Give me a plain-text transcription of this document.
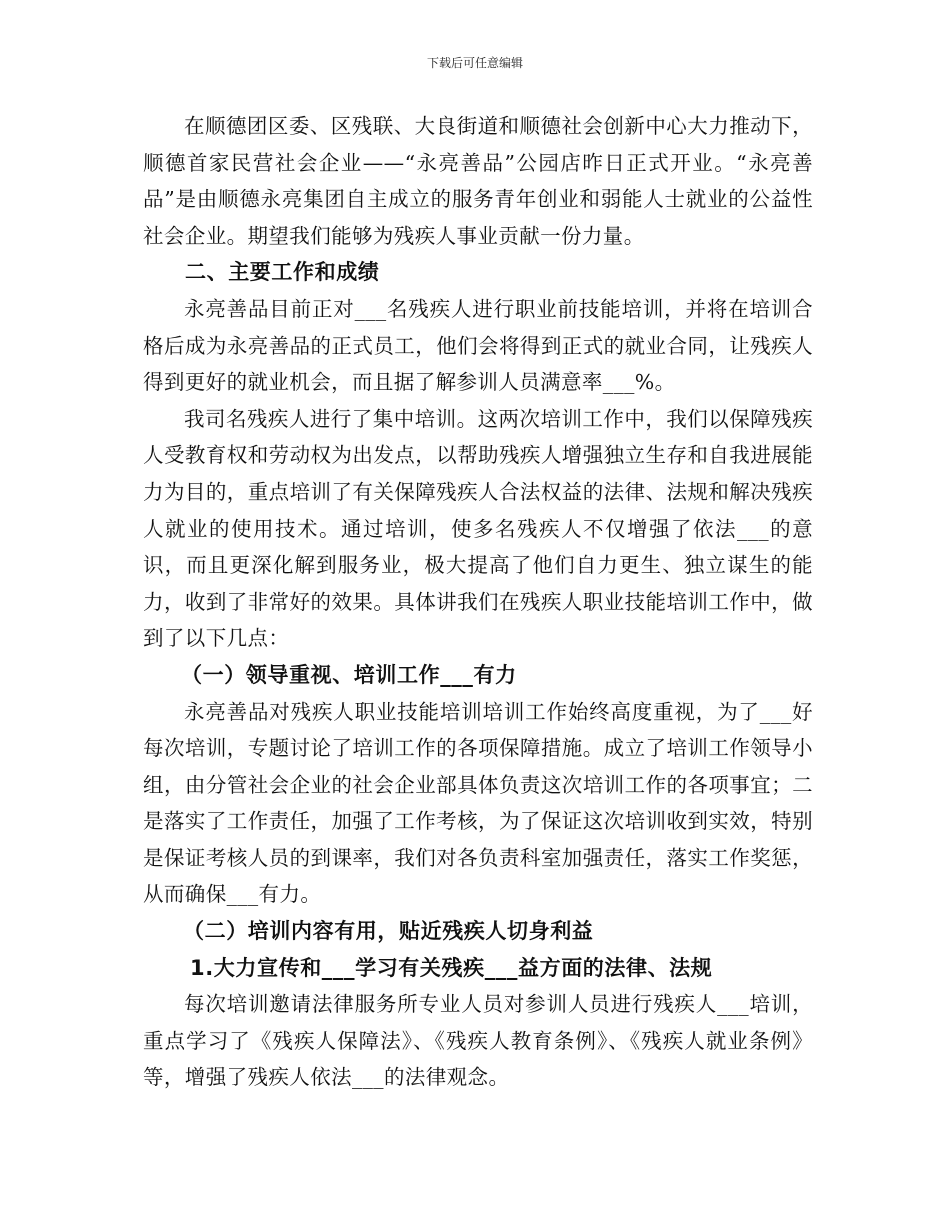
下载后可任意编辑

在顺德团区委、区残联、大良街道和顺德社会创新中心大力推动下，顺德首家民营社会企业——“永亮善品”公园店昨日正式开业。“永亮善品”是由顺德永亮集团自主成立的服务青年创业和弱能人士就业的公益性社会企业。期望我们能够为残疾人事业贡献一份力量。

二、主要工作和成绩

永亮善品目前正对___名残疾人进行职业前技能培训，并将在培训合格后成为永亮善品的正式员工，他们会将得到正式的就业合同，让残疾人得到更好的就业机会，而且据了解参训人员满意率___%。

我司名残疾人进行了集中培训。这两次培训工作中，我们以保障残疾人受教育权和劳动权为出发点，以帮助残疾人增强独立生存和自我进展能力为目的，重点培训了有关保障残疾人合法权益的法律、法规和解决残疾人就业的使用技术。通过培训，使多名残疾人不仅增强了依法___的意识，而且更深化解到服务业，极大提高了他们自力更生、独立谋生的能力，收到了非常好的效果。具体讲我们在残疾人职业技能培训工作中，做到了以下几点：

（一）领导重视、培训工作___有力

永亮善品对残疾人职业技能培训培训工作始终高度重视，为了___好每次培训，专题讨论了培训工作的各项保障措施。成立了培训工作领导小组，由分管社会企业的社会企业部具体负责这次培训工作的各项事宜；二是落实了工作责任，加强了工作考核，为了保证这次培训收到实效，特别是保证考核人员的到课率，我们对各负责科室加强责任，落实工作奖惩，从而确保___有力。

（二）培训内容有用，贴近残疾人切身利益

1.大力宣传和___学习有关残疾___益方面的法律、法规

每次培训邀请法律服务所专业人员对参训人员进行残疾人___培训，重点学习了《残疾人保障法》、《残疾人教育条例》、《残疾人就业条例》等，增强了残疾人依法___的法律观念。
